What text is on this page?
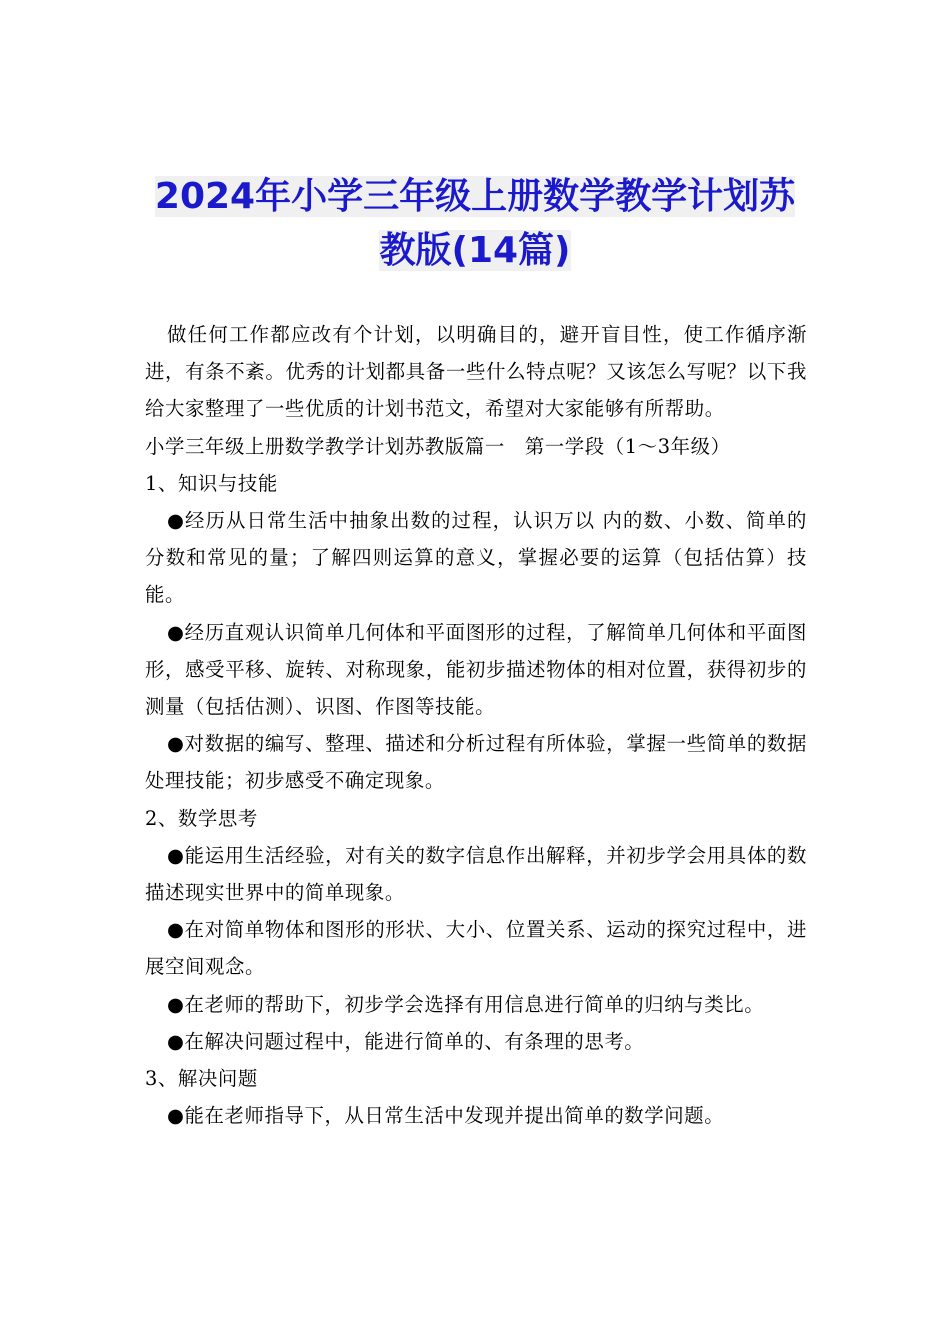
2024年小学三年级上册数学教学计划苏
教版(14篇)

做任何工作都应改有个计划，以明确目的，避开盲目性，使工作循序渐进，有条不紊。优秀的计划都具备一些什么特点呢？又该怎么写呢？以下我给大家整理了一些优质的计划书范文，希望对大家能够有所帮助。

小学三年级上册数学教学计划苏教版篇一　第一学段（1～3年级）

1、知识与技能

●经历从日常生活中抽象出数的过程，认识万以 内的数、小数、简单的分数和常见的量；了解四则运算的意义，掌握必要的运算（包括估算）技能。

●经历直观认识简单几何体和平面图形的过程，了解简单几何体和平面图形，感受平移、旋转、对称现象，能初步描述物体的相对位置，获得初步的测量（包括估测）、识图、作图等技能。

●对数据的编写、整理、描述和分析过程有所体验，掌握一些简单的数据处理技能；初步感受不确定现象。

2、数学思考

●能运用生活经验，对有关的数字信息作出解释，并初步学会用具体的数描述现实世界中的简单现象。

●在对简单物体和图形的形状、大小、位置关系、运动的探究过程中，进展空间观念。

●在老师的帮助下，初步学会选择有用信息进行简单的归纳与类比。

●在解决问题过程中，能进行简单的、有条理的思考。

3、解决问题

●能在老师指导下，从日常生活中发现并提出简单的数学问题。
